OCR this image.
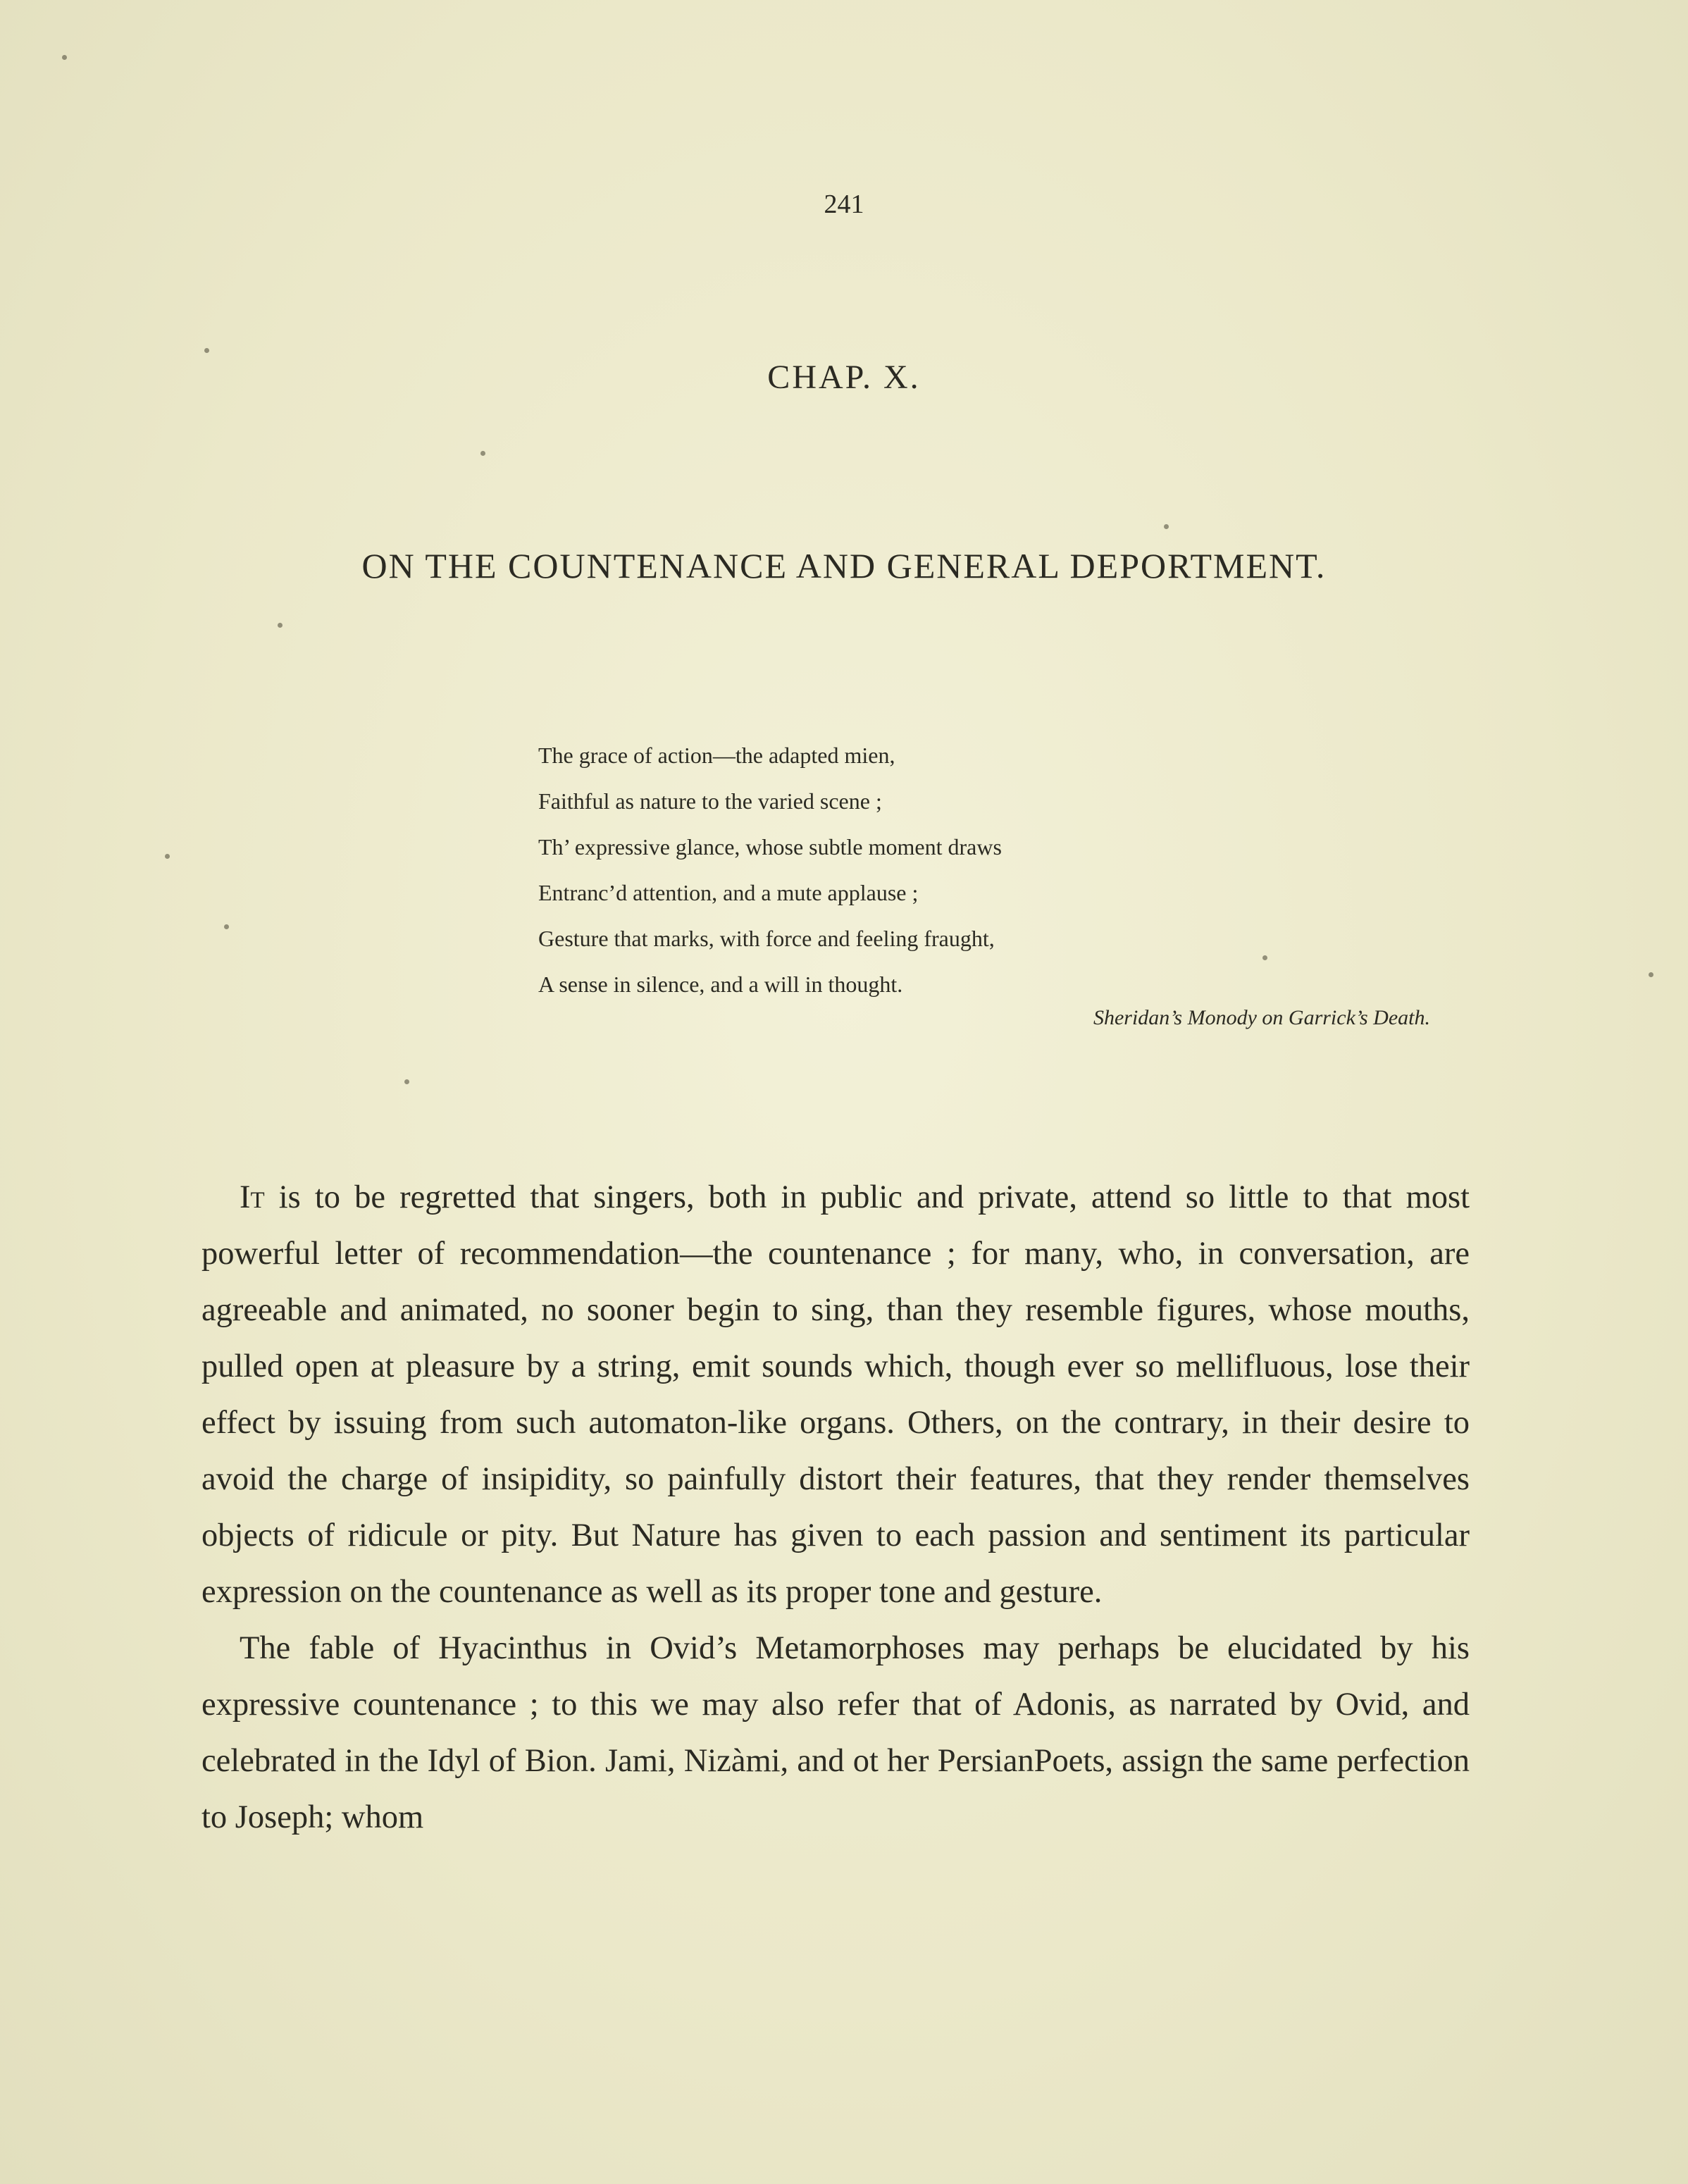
241
CHAP. X.
ON THE COUNTENANCE AND GENERAL DEPORTMENT.
The grace of action—the adapted mien,
Faithful as nature to the varied scene ;
Th’ expressive glance, whose subtle moment draws
Entranc’d attention, and a mute applause ;
Gesture that marks, with force and feeling fraught,
A sense in silence, and a will in thought.
Sheridan’s Monody on Garrick’s Death.

It is to be regretted that singers, both in public and private, attend so little to that most powerful letter of recommendation—the countenance ; for many, who, in conversation, are agreeable and animated, no sooner begin to sing, than they resemble figures, whose mouths, pulled open at pleasure by a string, emit sounds which, though ever so mellifluous, lose their effect by issuing from such automaton-like organs. Others, on the contrary, in their desire to avoid the charge of insipidity, so painfully distort their features, that they render themselves objects of ridicule or pity. But Nature has given to each passion and sentiment its particular expression on the countenance as well as its proper tone and gesture.

The fable of Hyacinthus in Ovid’s Metamorphoses may perhaps be elucidated by his expressive countenance ; to this we may also refer that of Adonis, as narrated by Ovid, and celebrated in the Idyl of Bion. Jami, Nizàmi, and ot her PersianPoets, assign the same perfection to Joseph; whom
